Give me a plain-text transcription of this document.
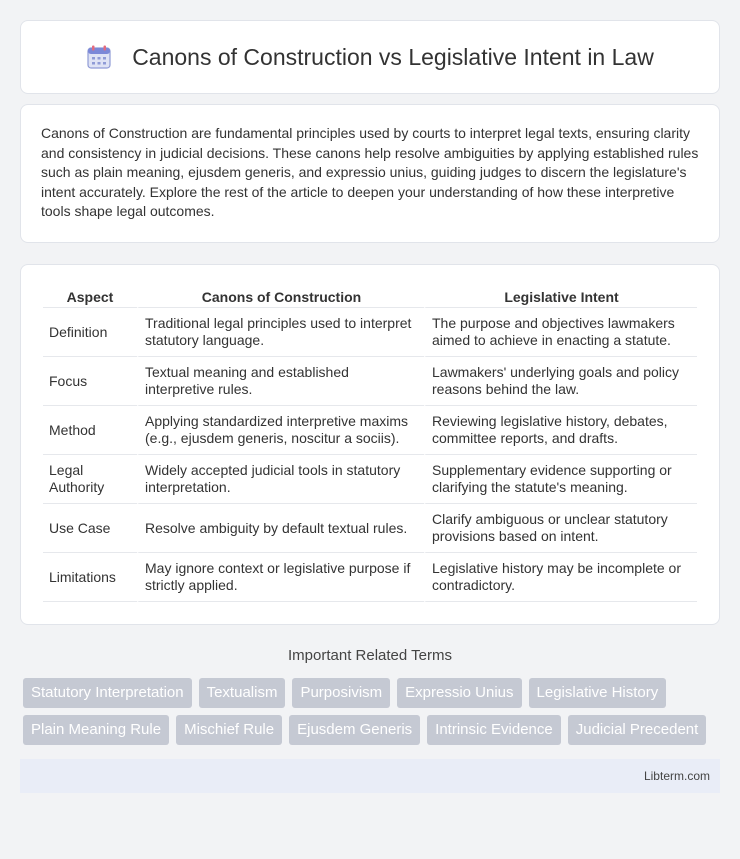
Canons of Construction vs Legislative Intent in Law

Canons of Construction are fundamental principles used by courts to interpret legal texts, ensuring clarity and consistency in judicial decisions. These canons help resolve ambiguities by applying established rules such as plain meaning, ejusdem generis, and expressio unius, guiding judges to discern the legislature's intent accurately. Explore the rest of the article to deepen your understanding of how these interpretive tools shape legal outcomes.

Aspect	Canons of Construction	Legislative Intent
Definition	Traditional legal principles used to interpret statutory language.	The purpose and objectives lawmakers aimed to achieve in enacting a statute.
Focus	Textual meaning and established interpretive rules.	Lawmakers' underlying goals and policy reasons behind the law.
Method	Applying standardized interpretive maxims (e.g., ejusdem generis, noscitur a sociis).	Reviewing legislative history, debates, committee reports, and drafts.
Legal Authority	Widely accepted judicial tools in statutory interpretation.	Supplementary evidence supporting or clarifying the statute's meaning.
Use Case	Resolve ambiguity by default textual rules.	Clarify ambiguous or unclear statutory provisions based on intent.
Limitations	May ignore context or legislative purpose if strictly applied.	Legislative history may be incomplete or contradictory.
Important Related Terms
Statutory Interpretation	Textualism	Purposivism	Expressio Unius	Legislative History
Plain Meaning Rule	Mischief Rule	Ejusdem Generis	Intrinsic Evidence	Judicial Precedent
Libterm.com
